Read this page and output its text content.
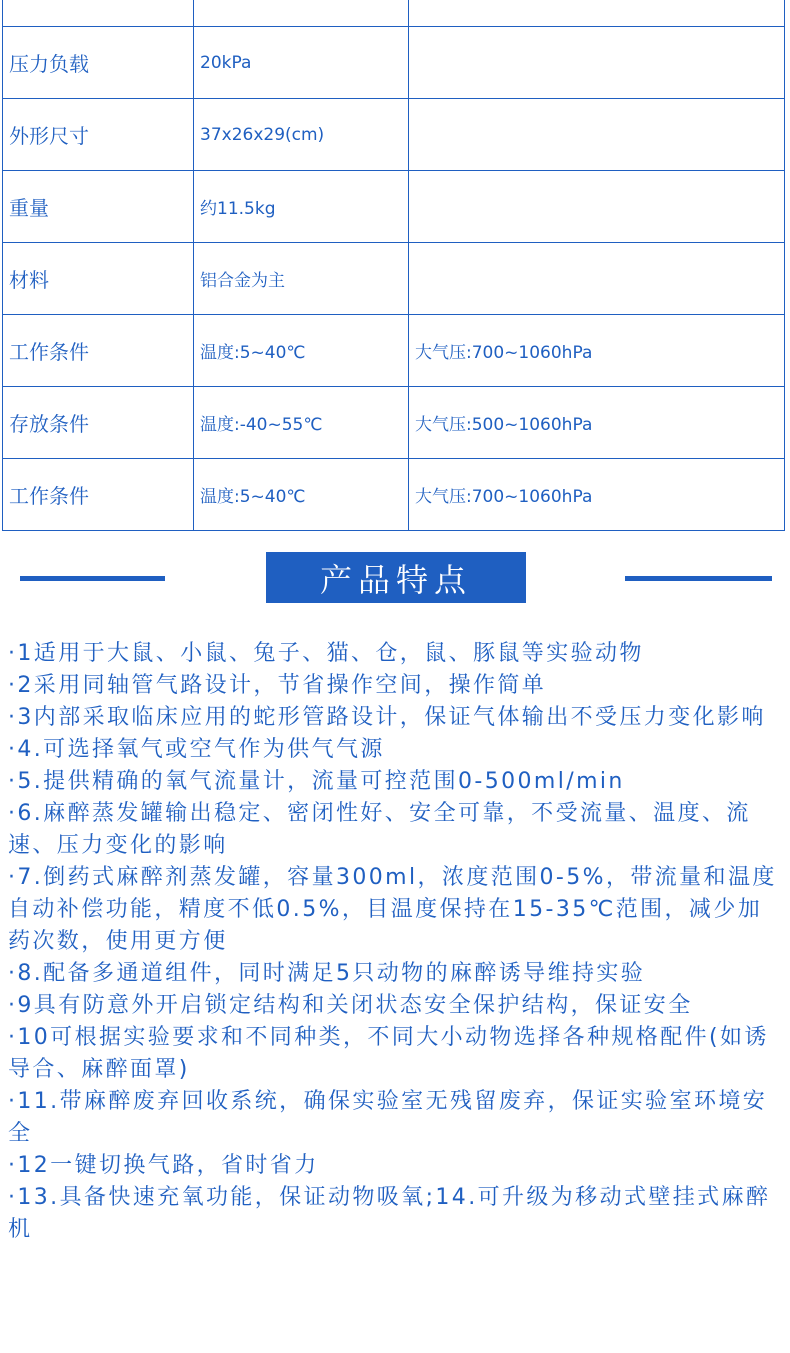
压力负载	20kPa	
外形尺寸	37x26x29(cm)	
重量	约11.5kg	
材料	铝合金为主	
工作条件	温度:5~40℃	大气压:700~1060hPa
存放条件	温度:-40~55℃	大气压:500~1060hPa
工作条件	温度:5~40℃	大气压:700~1060hPa
产品特点
·1适用于大鼠、小鼠、兔子、猫、仓，鼠、豚鼠等实验动物
·2采用同轴管气路设计，节省操作空间，操作简单
·3内部采取临床应用的蛇形管路设计，保证气体输出不受压力变化影响
·4.可选择氧气或空气作为供气气源
·5.提供精确的氧气流量计，流量可控范围0-500ml/min
·6.麻醉蒸发罐输出稳定、密闭性好、安全可靠，不受流量、温度、流速、压力变化的影响
·7.倒药式麻醉剂蒸发罐，容量300ml，浓度范围0-5%，带流量和温度自动补偿功能，精度不低0.5%，目温度保持在15-35℃范围，减少加药次数，使用更方便
·8.配备多通道组件，同时满足5只动物的麻醉诱导维持实验
·9具有防意外开启锁定结构和关闭状态安全保护结构，保证安全
·10可根据实验要求和不同种类，不同大小动物选择各种规格配件(如诱导合、麻醉面罩)
·11.带麻醉废弃回收系统，确保实验室无残留废弃，保证实验室环境安全
·12一键切换气路，省时省力
·13.具备快速充氧功能，保证动物吸氧;14.可升级为移动式壁挂式麻醉机
